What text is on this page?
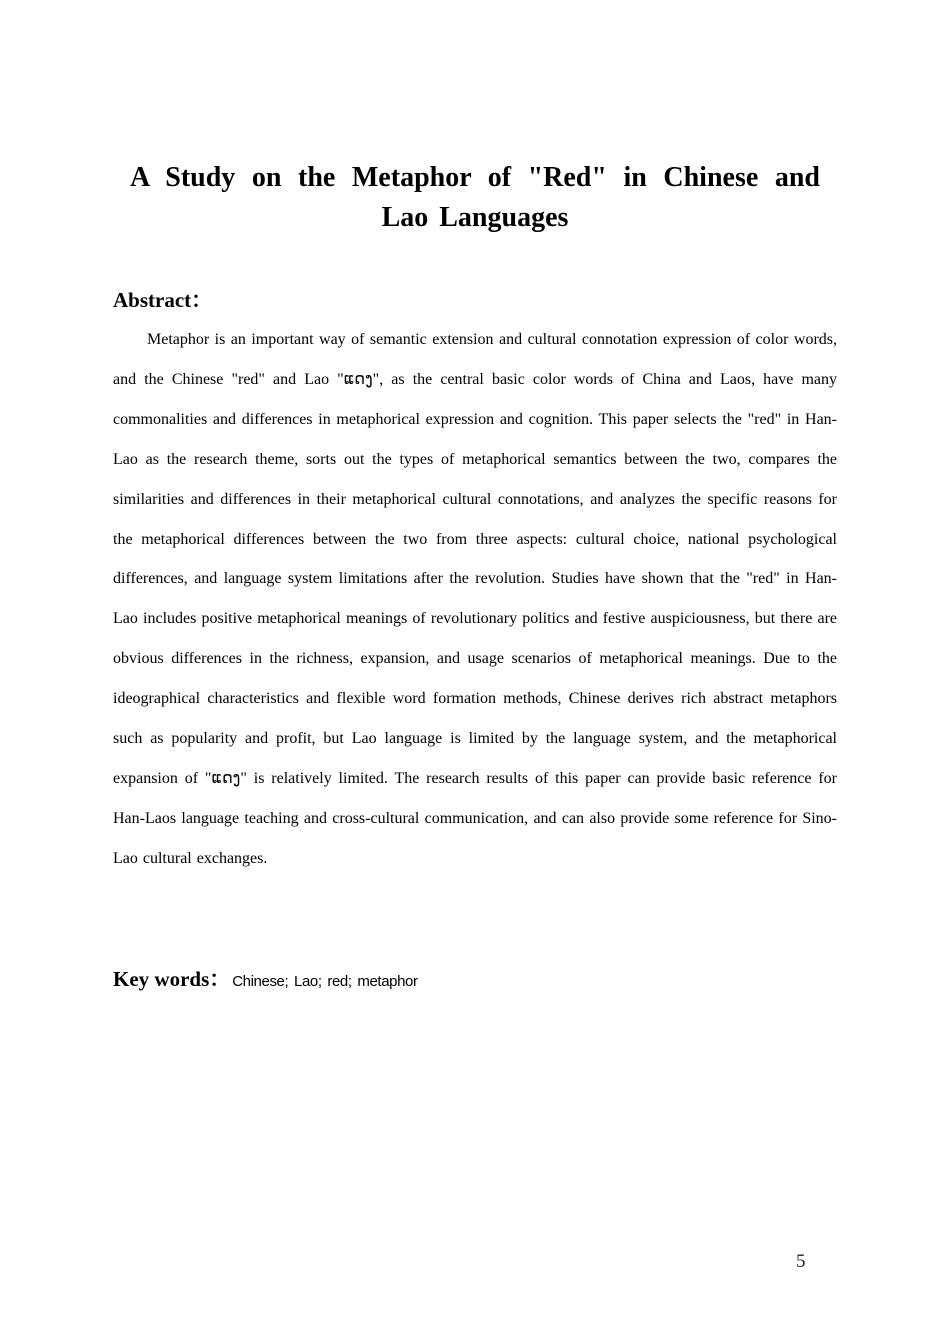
A Study on the Metaphor of "Red" in Chinese and Lao Languages
Abstract：

Metaphor is an important way of semantic extension and cultural connotation expression of color words, and the Chinese "red" and Lao "ແດງ", as the central basic color words of China and Laos, have many commonalities and differences in metaphorical expression and cognition. This paper selects the "red" in Han-Lao as the research theme, sorts out the types of metaphorical semantics between the two, compares the similarities and differences in their metaphorical cultural connotations, and analyzes the specific reasons for the metaphorical differences between the two from three aspects: cultural choice, national psychological differences, and language system limitations after the revolution. Studies have shown that the "red" in Han-Lao includes positive metaphorical meanings of revolutionary politics and festive auspiciousness, but there are obvious differences in the richness, expansion, and usage scenarios of metaphorical meanings. Due to the ideographical characteristics and flexible word formation methods, Chinese derives rich abstract metaphors such as popularity and profit, but Lao language is limited by the language system, and the metaphorical expansion of "ແດງ" is relatively limited. The research results of this paper can provide basic reference for Han-Laos language teaching and cross-cultural communication, and can also provide some reference for Sino-Lao cultural exchanges.

Key words： Chinese; Lao; red; metaphor

5
